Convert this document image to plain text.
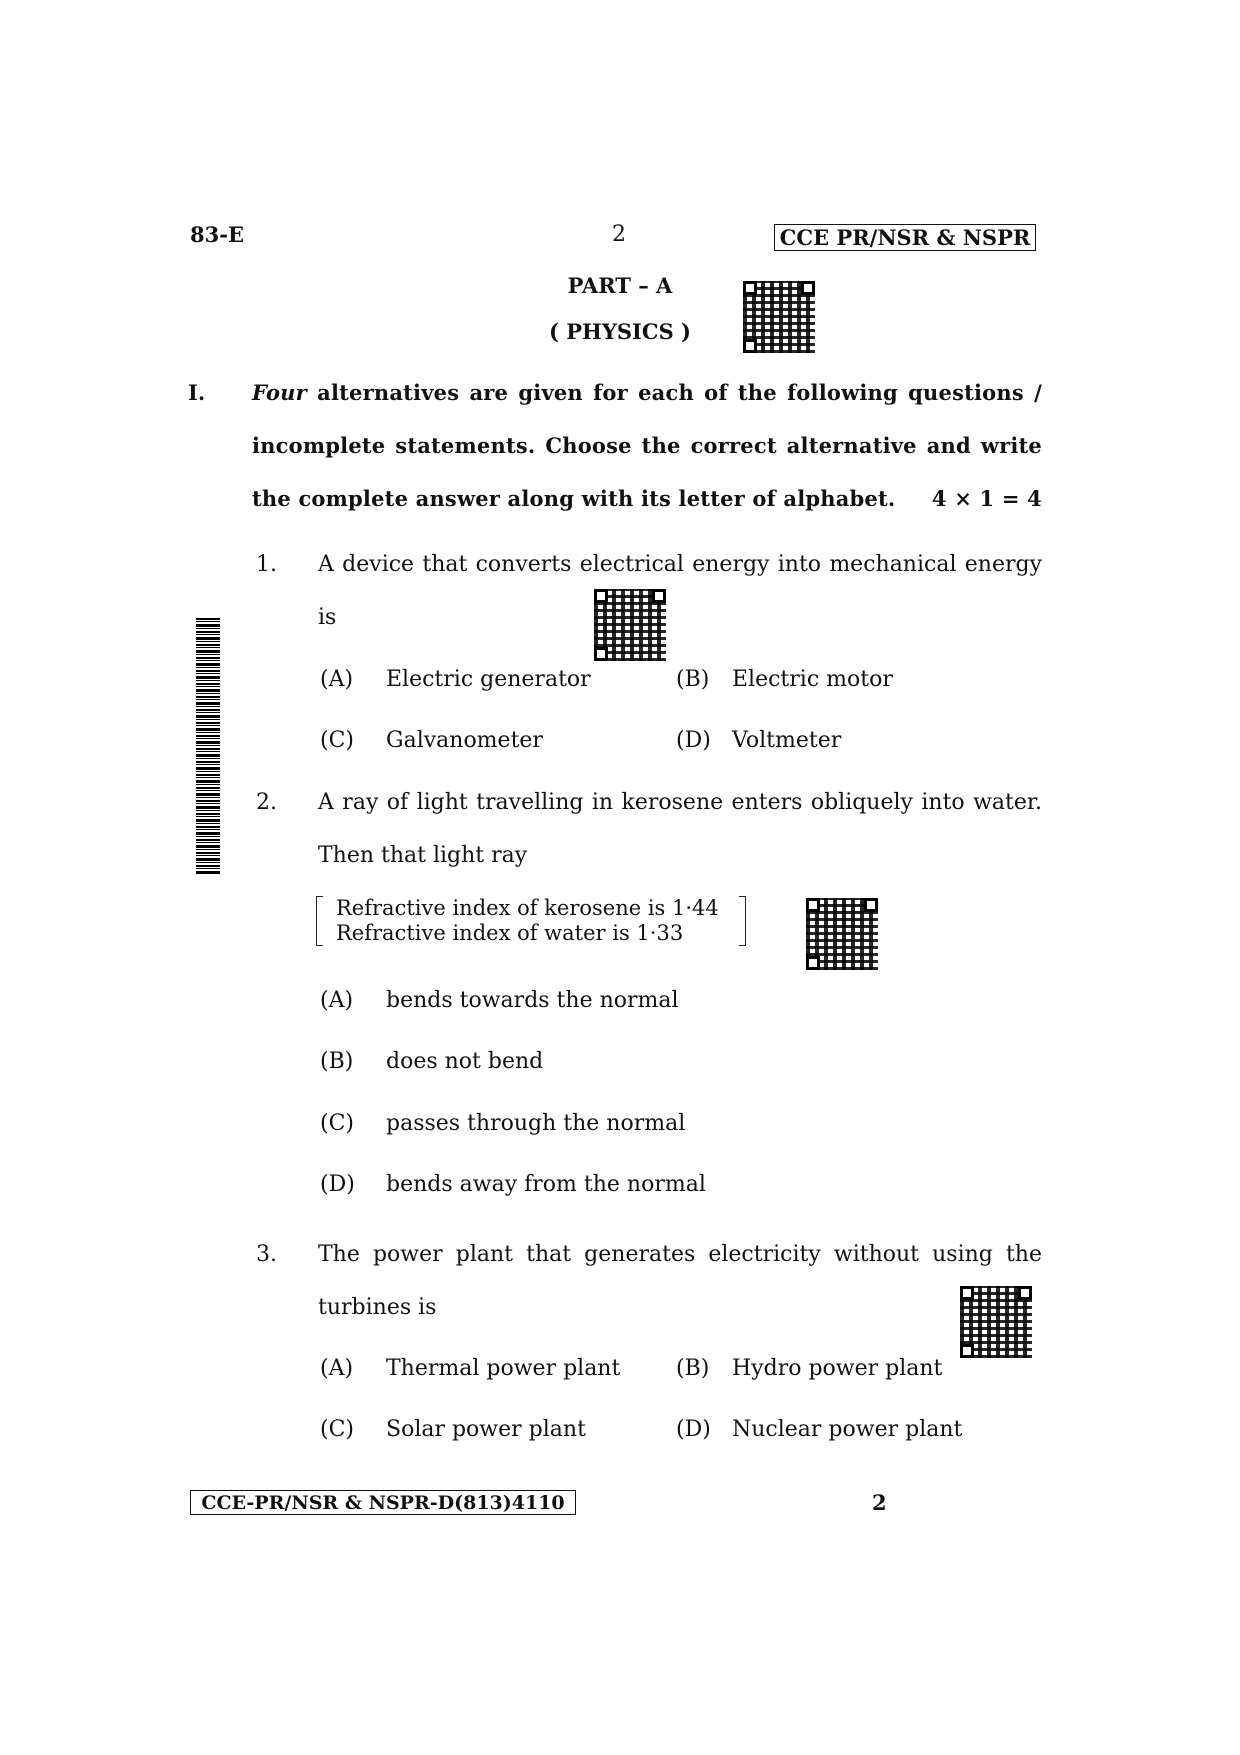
83-E	2	CCE PR/NSR & NSPR
PART – A
( PHYSICS )
I. Four alternatives are given for each of the following questions /
incomplete statements. Choose the correct alternative and write
the complete answer along with its letter of alphabet. 4 × 1 = 4
1. A device that converts electrical energy into mechanical energy
is
(A) Electric generator	(B) Electric motor
(C) Galvanometer	(D) Voltmeter
2. A ray of light travelling in kerosene enters obliquely into water.
Then that light ray
Refractive index of kerosene is 1·44
Refractive index of water is 1·33
(A) bends towards the normal
(B) does not bend
(C) passes through the normal
(D) bends away from the normal
3. The power plant that generates electricity without using the
turbines is
(A) Thermal power plant	(B) Hydro power plant
(C) Solar power plant	(D) Nuclear power plant
CCE-PR/NSR & NSPR-D(813)4110	2
